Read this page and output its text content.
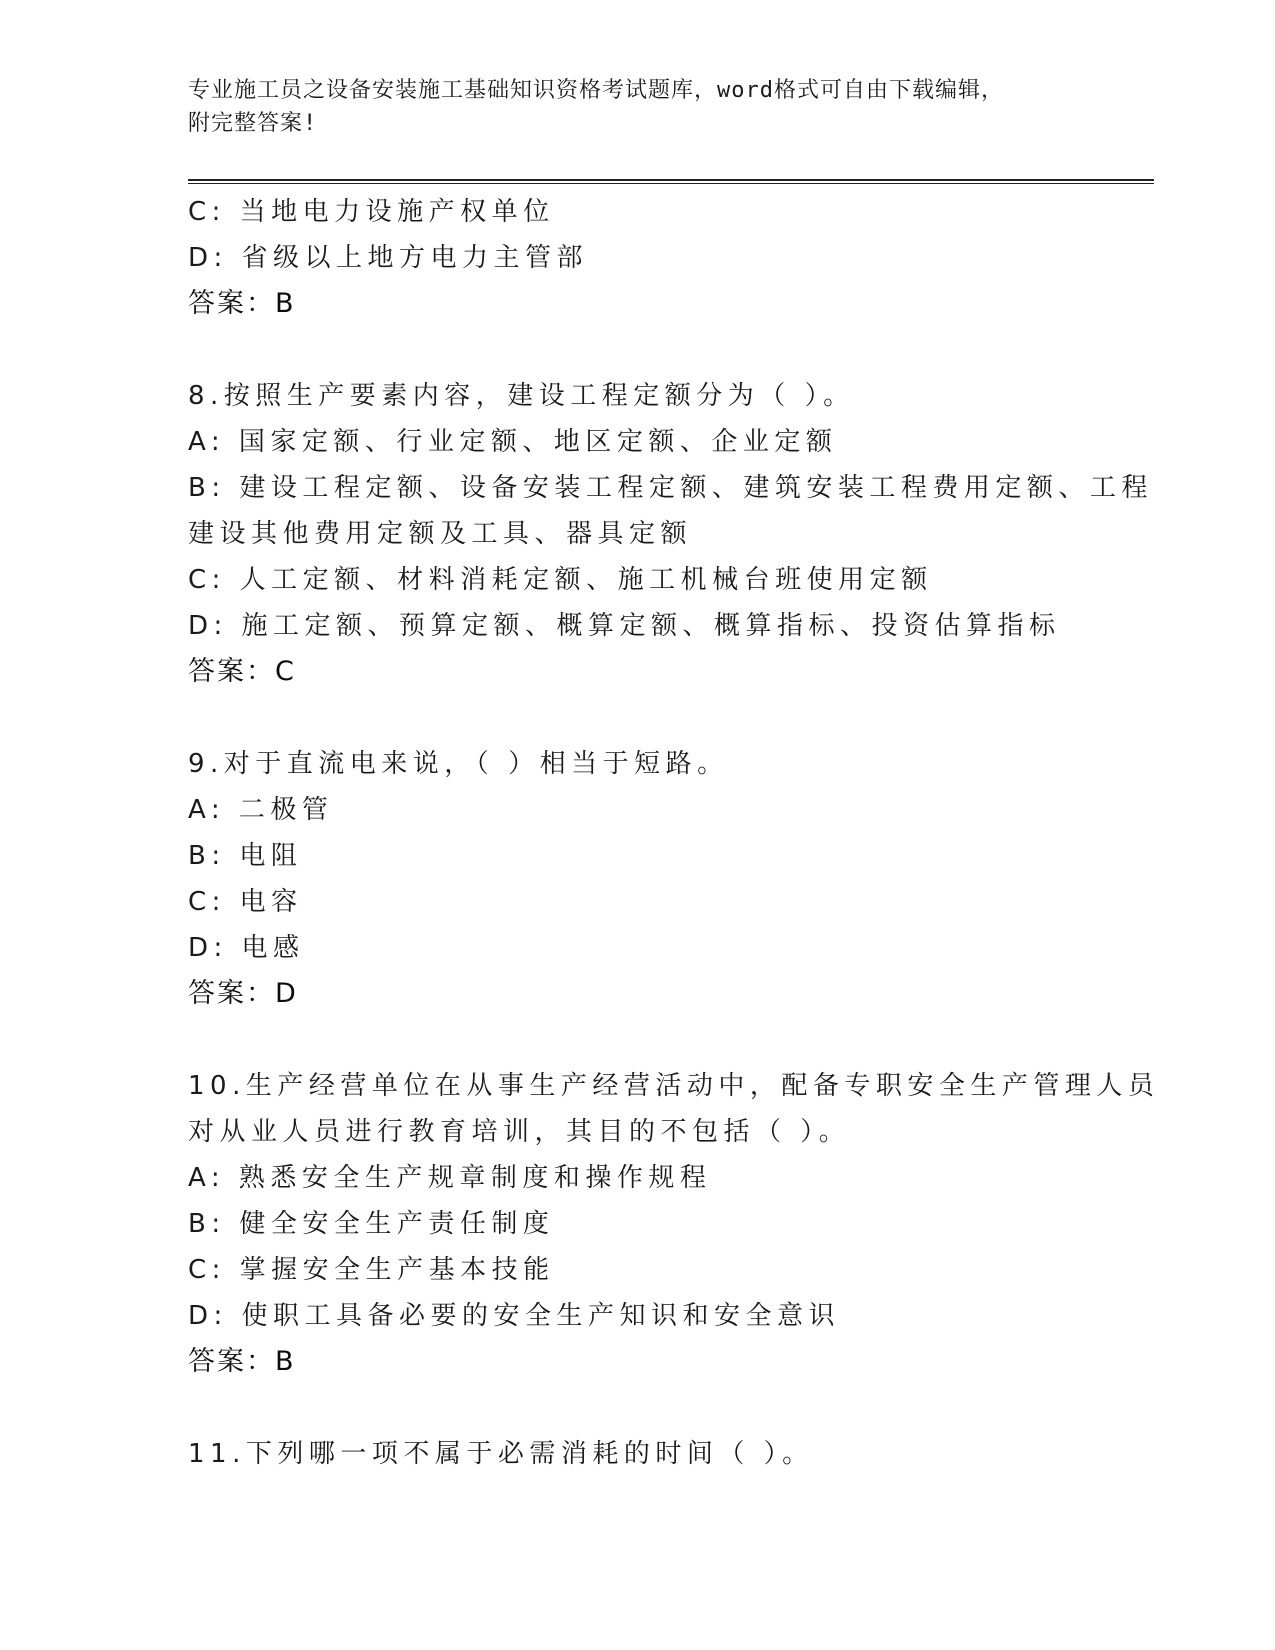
专业施工员之设备安装施工基础知识资格考试题库，word格式可自由下载编辑，
附完整答案!
C: 当地电力设施产权单位
D: 省级以上地方电力主管部
答案：B
8.按照生产要素内容，建设工程定额分为（ ）。
A: 国家定额、行业定额、地区定额、企业定额
B: 建设工程定额、设备安装工程定额、建筑安装工程费用定额、工程
建设其他费用定额及工具、器具定额
C: 人工定额、材料消耗定额、施工机械台班使用定额
D: 施工定额、预算定额、概算定额、概算指标、投资估算指标
答案：C
9.对于直流电来说，（ ）相当于短路。
A: 二极管
B: 电阻
C: 电容
D: 电感
答案：D
10.生产经营单位在从事生产经营活动中，配备专职安全生产管理人员
对从业人员进行教育培训，其目的不包括（ ）。
A: 熟悉安全生产规章制度和操作规程
B: 健全安全生产责任制度
C: 掌握安全生产基本技能
D: 使职工具备必要的安全生产知识和安全意识
答案：B
11.下列哪一项不属于必需消耗的时间（ ）。
